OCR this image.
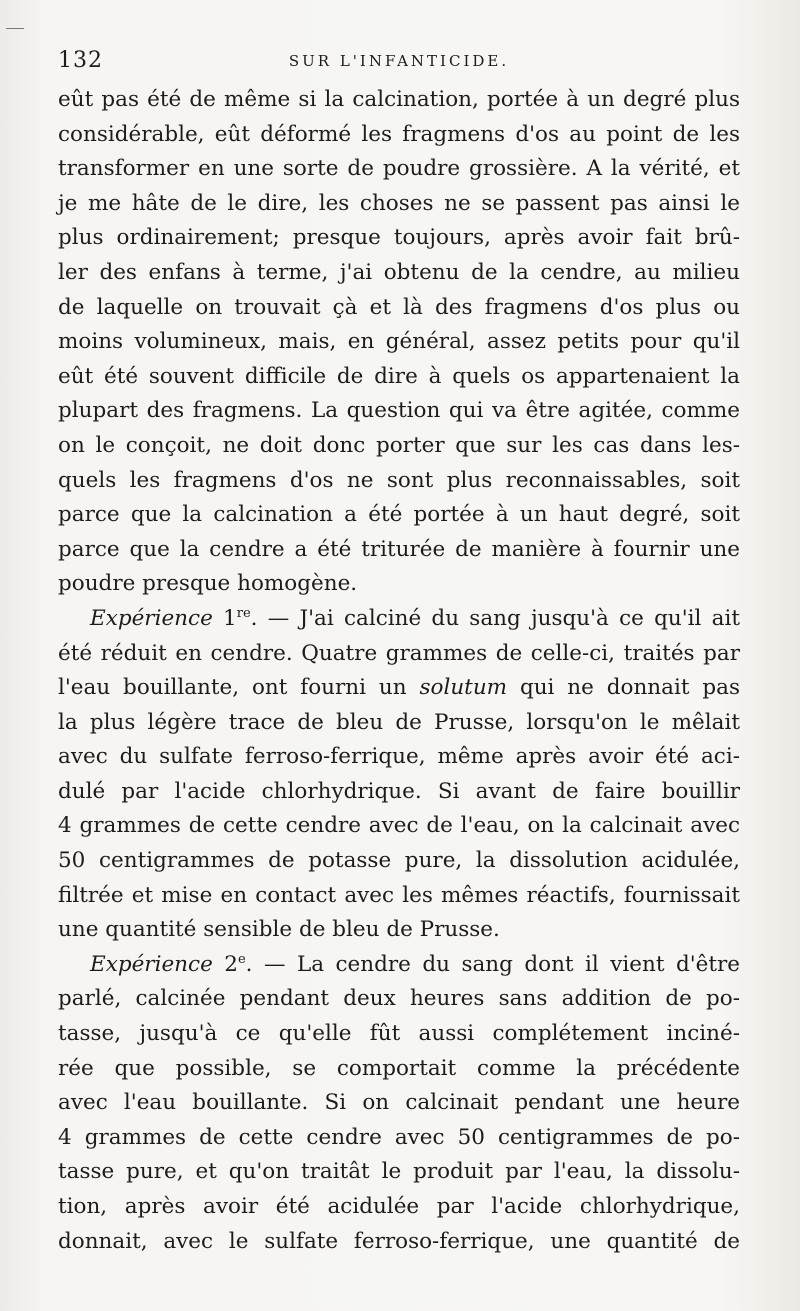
132	SUR L'INFANTICIDE.
eût pas été de même si la calcination, portée à un degré plus
considérable, eût déformé les fragmens d'os au point de les
transformer en une sorte de poudre grossière. A la vérité, et
je me hâte de le dire, les choses ne se passent pas ainsi le
plus ordinairement; presque toujours, après avoir fait brû-
ler des enfans à terme, j'ai obtenu de la cendre, au milieu
de laquelle on trouvait çà et là des fragmens d'os plus ou
moins volumineux, mais, en général, assez petits pour qu'il
eût été souvent difficile de dire à quels os appartenaient la
plupart des fragmens. La question qui va être agitée, comme
on le conçoit, ne doit donc porter que sur les cas dans les-
quels les fragmens d'os ne sont plus reconnaissables, soit
parce que la calcination a été portée à un haut degré, soit
parce que la cendre a été triturée de manière à fournir une
poudre presque homogène.
Expérience 1re. — J'ai calciné du sang jusqu'à ce qu'il ait
été réduit en cendre. Quatre grammes de celle-ci, traités par
l'eau bouillante, ont fourni un solutum qui ne donnait pas
la plus légère trace de bleu de Prusse, lorsqu'on le mêlait
avec du sulfate ferroso-ferrique, même après avoir été aci-
dulé par l'acide chlorhydrique. Si avant de faire bouillir
4 grammes de cette cendre avec de l'eau, on la calcinait avec
50 centigrammes de potasse pure, la dissolution acidulée,
filtrée et mise en contact avec les mêmes réactifs, fournissait
une quantité sensible de bleu de Prusse.
Expérience 2e. — La cendre du sang dont il vient d'être
parlé, calcinée pendant deux heures sans addition de po-
tasse, jusqu'à ce qu'elle fût aussi complétement inciné-
rée que possible, se comportait comme la précédente
avec l'eau bouillante. Si on calcinait pendant une heure
4 grammes de cette cendre avec 50 centigrammes de po-
tasse pure, et qu'on traitât le produit par l'eau, la dissolu-
tion, après avoir été acidulée par l'acide chlorhydrique,
donnait, avec le sulfate ferroso-ferrique, une quantité de
